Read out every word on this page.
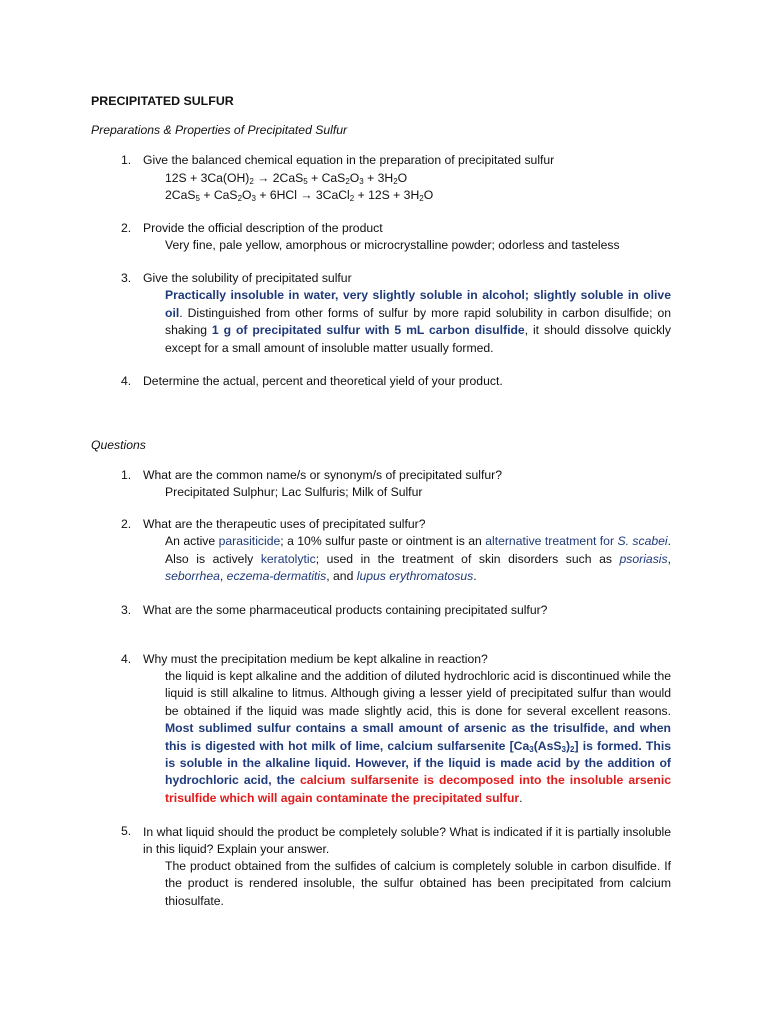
PRECIPITATED SULFUR

Preparations & Properties of Precipitated Sulfur

1. Give the balanced chemical equation in the preparation of precipitated sulfur
$12S + 3Ca(OH)_2 \to 2CaS_5 + CaS_2O_3 + 3H_2O$
$2CaS_5 + CaS_2O_3 + 6HCl$ → 3CaCl$_2$ + $12S + 3H_2O$
2. Provide the official description of the product
Very fine, pale yellow, amorphous or microcrystalline powder; odorless and tasteless
3. Give the solubility of precipitated sulfur
Practically insoluble in water, very slightly soluble in alcohol; slightly soluble in olive oil. Distinguished from other forms of sulfur by more rapid solubility in carbon disulfide; on shaking 1 g of precipitated sulfur with 5 mL carbon disulfide, it should dissolve quickly except for a small amount of insoluble matter usually formed.
4. Determine the actual, percent and theoretical yield of your product.

Questions

1. What are the common name/s or synonym/s of precipitated sulfur?
Precipitated Sulphur; Lac Sulfuris; Milk of Sulfur
2. What are the therapeutic uses of precipitated sulfur?
An active parasiticide; a 10% sulfur paste or ointment is an alternative treatment for S. scabei. Also is actively keratolytic; used in the treatment of skin disorders such as psoriasis, seborrhea, eczema-dermatitis, and lupus erythromatosus.
3. What are the some pharmaceutical products containing precipitated sulfur?
4. Why must the precipitation medium be kept alkaline in reaction?
the liquid is kept alkaline and the addition of diluted hydrochloric acid is discontinued while the liquid is still alkaline to litmus. Although giving a lesser yield of precipitated sulfur than would be obtained if the liquid was made slightly acid, this is done for several excellent reasons. Most sublimed sulfur contains a small amount of arsenic as the trisulfide, and when this is digested with hot milk of lime, calcium sulfarsenite $[Ca_3(AsS_3)_2]$ is formed. This is soluble in the alkaline liquid. However, if the liquid is made acid by the addition of hydrochloric acid, the calcium sulfarsenite is decomposed into the insoluble arsenic trisulfide which will again contaminate the precipitated sulfur.
5. In what liquid should the product be completely soluble? What is indicated if it is partially insoluble in this liquid? Explain your answer.
The product obtained from the sulfides of calcium is completely soluble in carbon disulfide. If the product is rendered insoluble, the sulfur obtained has been precipitated from calcium thiosulfate.
